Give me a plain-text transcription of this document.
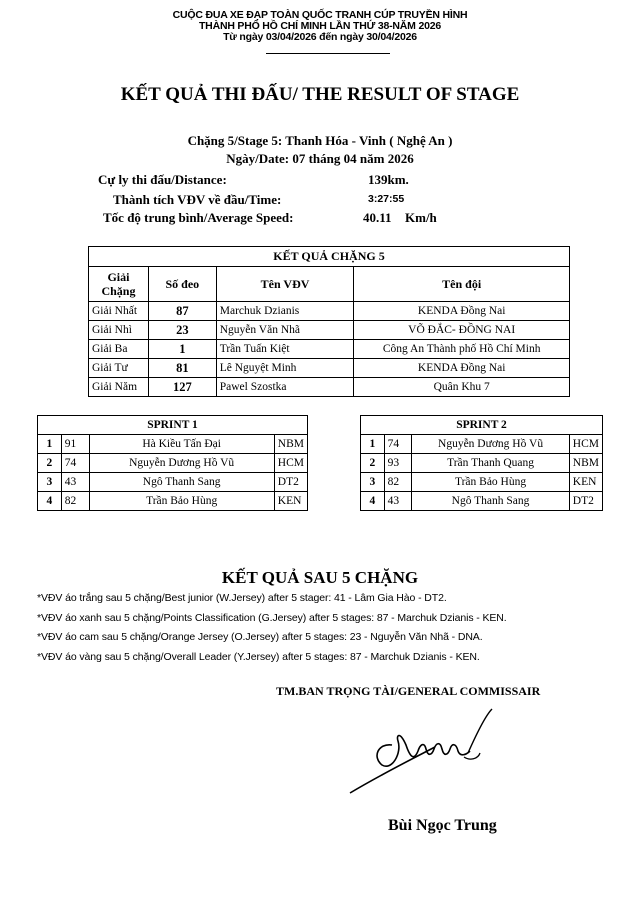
CUỘC ĐUA XE ĐẠP TOÀN QUỐC TRANH CÚP TRUYỀN HÌNH
THÀNH PHỐ HỒ CHÍ MINH LẦN THỨ 38-NĂM 2026
Từ ngày 03/04/2026 đến ngày 30/04/2026
KẾT QUẢ THI ĐẤU/ THE RESULT OF STAGE
Chặng 5/Stage 5: Thanh Hóa - Vinh ( Nghệ An )
Ngày/Date: 07 tháng 04 năm 2026
Cự ly thi đấu/Distance:	139km.
Thành tích VĐV về đầu/Time:	3:27:55
Tốc độ trung bình/Average Speed:	40.11 Km/h
KẾT QUẢ CHẶNG 5			
Giải Chặng	Số đeo	Tên VĐV	Tên đội
Giải Nhất	87	Marchuk Dzianis	KENDA Đồng Nai
Giải Nhì	23	Nguyễn Văn Nhã	VÕ ĐẮC- ĐỒNG NAI
Giải Ba	1	Trần Tuấn Kiệt	Công An Thành phố Hồ Chí Minh
Giải Tư	81	Lê Nguyệt Minh	KENDA Đồng Nai
Giải Năm	127	Pawel Szostka	Quân Khu 7
SPRINT 1			
1	91	Hà Kiều Tấn Đại	NBM
2	74	Nguyễn Dương Hồ Vũ	HCM
3	43	Ngô Thanh Sang	DT2
4	82	Trần Bảo Hùng	KEN
SPRINT 2			
1	74	Nguyễn Dương Hồ Vũ	HCM
2	93	Trần Thanh Quang	NBM
3	82	Trần Bảo Hùng	KEN
4	43	Ngô Thanh Sang	DT2
KẾT QUẢ SAU 5 CHẶNG
*VĐV áo trắng sau 5 chặng/Best junior (W.Jersey) after 5 stager: 41 - Lâm Gia Hào - DT2.
*VĐV áo xanh sau 5 chặng/Points Classification (G.Jersey) after 5 stages: 87 - Marchuk Dzianis - KEN.
*VĐV áo cam sau 5 chặng/Orange Jersey (O.Jersey) after 5 stages: 23 - Nguyễn Văn Nhã - DNA.
*VĐV áo vàng sau 5 chặng/Overall Leader (Y.Jersey) after 5 stages: 87 - Marchuk Dzianis - KEN.
TM.BAN TRỌNG TÀI/GENERAL COMMISSAIR
Bùi Ngọc Trung
